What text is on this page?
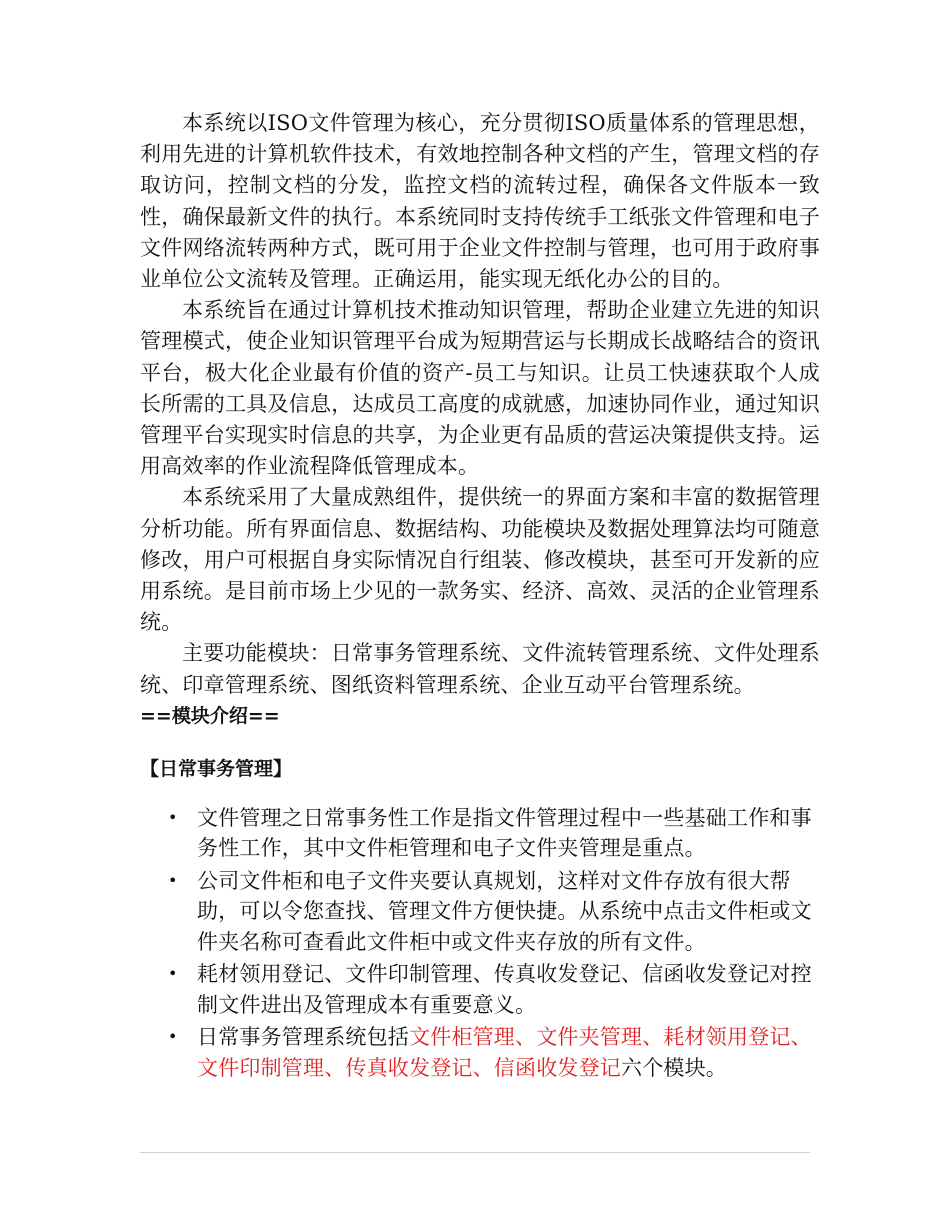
本系统以ISO文件管理为核心，充分贯彻ISO质量体系的管理思想，利用先进的计算机软件技术，有效地控制各种文档的产生，管理文档的存取访问，控制文档的分发，监控文档的流转过程，确保各文件版本一致性，确保最新文件的执行。本系统同时支持传统手工纸张文件管理和电子文件网络流转两种方式，既可用于企业文件控制与管理，也可用于政府事业单位公文流转及管理。正确运用，能实现无纸化办公的目的。

本系统旨在通过计算机技术推动知识管理，帮助企业建立先进的知识管理模式，使企业知识管理平台成为短期营运与长期成长战略结合的资讯平台，极大化企业最有价值的资产-员工与知识。让员工快速获取个人成长所需的工具及信息，达成员工高度的成就感，加速协同作业，通过知识管理平台实现实时信息的共享，为企业更有品质的营运决策提供支持。运用高效率的作业流程降低管理成本。

本系统采用了大量成熟组件，提供统一的界面方案和丰富的数据管理分析功能。所有界面信息、数据结构、功能模块及数据处理算法均可随意修改，用户可根据自身实际情况自行组装、修改模块，甚至可开发新的应用系统。是目前市场上少见的一款务实、经济、高效、灵活的企业管理系统。

主要功能模块：日常事务管理系统、文件流转管理系统、文件处理系统、印章管理系统、图纸资料管理系统、企业互动平台管理系统。

==模块介绍==

【日常事务管理】

• 文件管理之日常事务性工作是指文件管理过程中一些基础工作和事务性工作，其中文件柜管理和电子文件夹管理是重点。
• 公司文件柜和电子文件夹要认真规划，这样对文件存放有很大帮助，可以令您查找、管理文件方便快捷。从系统中点击文件柜或文件夹名称可查看此文件柜中或文件夹存放的所有文件。
• 耗材领用登记、文件印制管理、传真收发登记、信函收发登记对控制文件进出及管理成本有重要意义。
• 日常事务管理系统包括文件柜管理、文件夹管理、耗材领用登记、文件印制管理、传真收发登记、信函收发登记六个模块。
